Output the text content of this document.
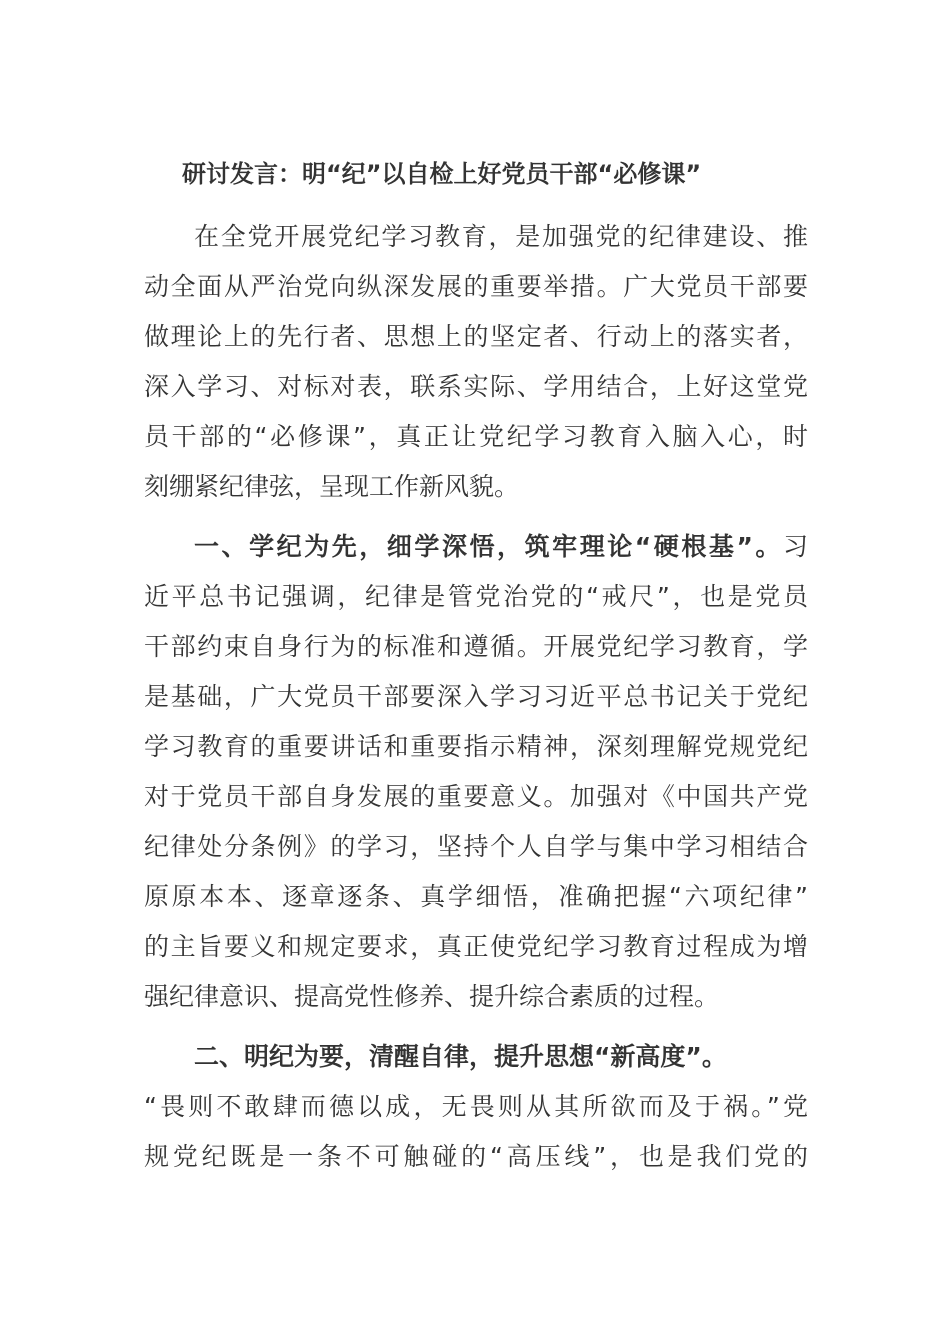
研讨发言：明“纪”以自检上好党员干部“必修课”
在全党开展党纪学习教育，是加强党的纪律建设、推
动全面从严治党向纵深发展的重要举措。广大党员干部要
做理论上的先行者、思想上的坚定者、行动上的落实者，
深入学习、对标对表，联系实际、学用结合，上好这堂党
员干部的“必修课”，真正让党纪学习教育入脑入心，时
刻绷紧纪律弦，呈现工作新风貌。
一、学纪为先，细学深悟，筑牢理论“硬根基”。习
近平总书记强调，纪律是管党治党的“戒尺”，也是党员
干部约束自身行为的标准和遵循。开展党纪学习教育，学
是基础，广大党员干部要深入学习习近平总书记关于党纪
学习教育的重要讲话和重要指示精神，深刻理解党规党纪
对于党员干部自身发展的重要意义。加强对《中国共产党
纪律处分条例》的学习，坚持个人自学与集中学习相结合
原原本本、逐章逐条、真学细悟，准确把握“六项纪律”
的主旨要义和规定要求，真正使党纪学习教育过程成为增
强纪律意识、提高党性修养、提升综合素质的过程。
二、明纪为要，清醒自律，提升思想“新高度”。
“畏则不敢肆而德以成，无畏则从其所欲而及于祸。”党
规党纪既是一条不可触碰的“高压线”，也是我们党的
